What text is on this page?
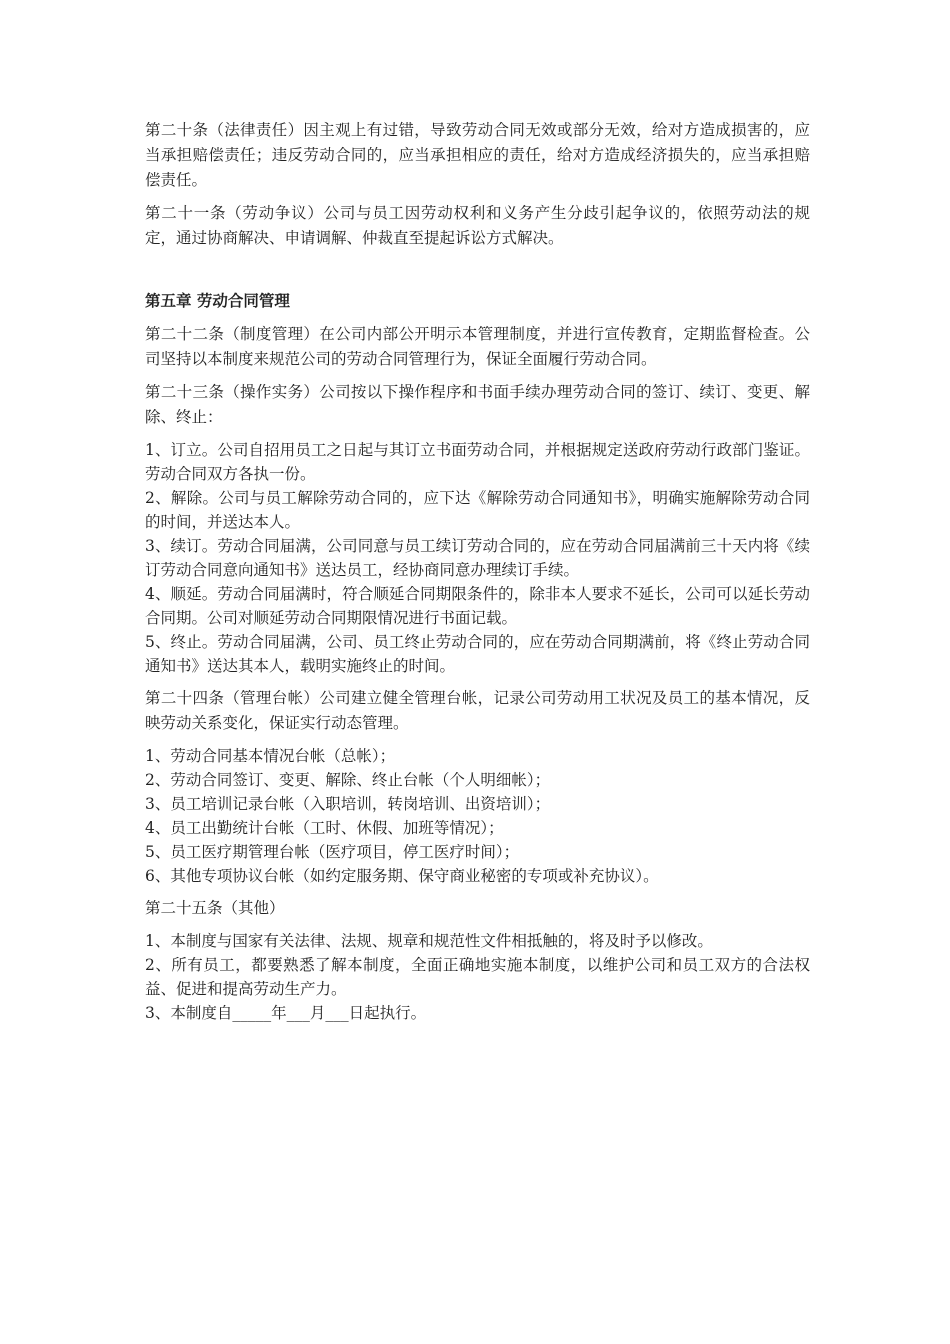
第二十条（法律责任）因主观上有过错，导致劳动合同无效或部分无效，给对方造成损害的，应当承担赔偿责任；违反劳动合同的，应当承担相应的责任，给对方造成经济损失的，应当承担赔偿责任。

第二十一条（劳动争议）公司与员工因劳动权利和义务产生分歧引起争议的，依照劳动法的规定，通过协商解决、申请调解、仲裁直至提起诉讼方式解决。

第五章 劳动合同管理

第二十二条（制度管理）在公司内部公开明示本管理制度，并进行宣传教育，定期监督检查。公司坚持以本制度来规范公司的劳动合同管理行为，保证全面履行劳动合同。

第二十三条（操作实务）公司按以下操作程序和书面手续办理劳动合同的签订、续订、变更、解除、终止：

1、订立。公司自招用员工之日起与其订立书面劳动合同，并根据规定送政府劳动行政部门鉴证。劳动合同双方各执一份。

2、解除。公司与员工解除劳动合同的，应下达《解除劳动合同通知书》，明确实施解除劳动合同的时间，并送达本人。

3、续订。劳动合同届满，公司同意与员工续订劳动合同的，应在劳动合同届满前三十天内将《续订劳动合同意向通知书》送达员工，经协商同意办理续订手续。

4、顺延。劳动合同届满时，符合顺延合同期限条件的，除非本人要求不延长，公司可以延长劳动合同期。公司对顺延劳动合同期限情况进行书面记载。

5、终止。劳动合同届满，公司、员工终止劳动合同的，应在劳动合同期满前，将《终止劳动合同通知书》送达其本人，载明实施终止的时间。

第二十四条（管理台帐）公司建立健全管理台帐，记录公司劳动用工状况及员工的基本情况，反映劳动关系变化，保证实行动态管理。

1、劳动合同基本情况台帐（总帐）；

2、劳动合同签订、变更、解除、终止台帐（个人明细帐）；

3、员工培训记录台帐（入职培训，转岗培训、出资培训）；

4、员工出勤统计台帐（工时、休假、加班等情况）；

5、员工医疗期管理台帐（医疗项目，停工医疗时间）；

6、其他专项协议台帐（如约定服务期、保守商业秘密的专项或补充协议）。

第二十五条（其他）

1、本制度与国家有关法律、法规、规章和规范性文件相抵触的，将及时予以修改。

2、所有员工，都要熟悉了解本制度，全面正确地实施本制度，以维护公司和员工双方的合法权益、促进和提高劳动生产力。

3、本制度自_____年___月___日起执行。
